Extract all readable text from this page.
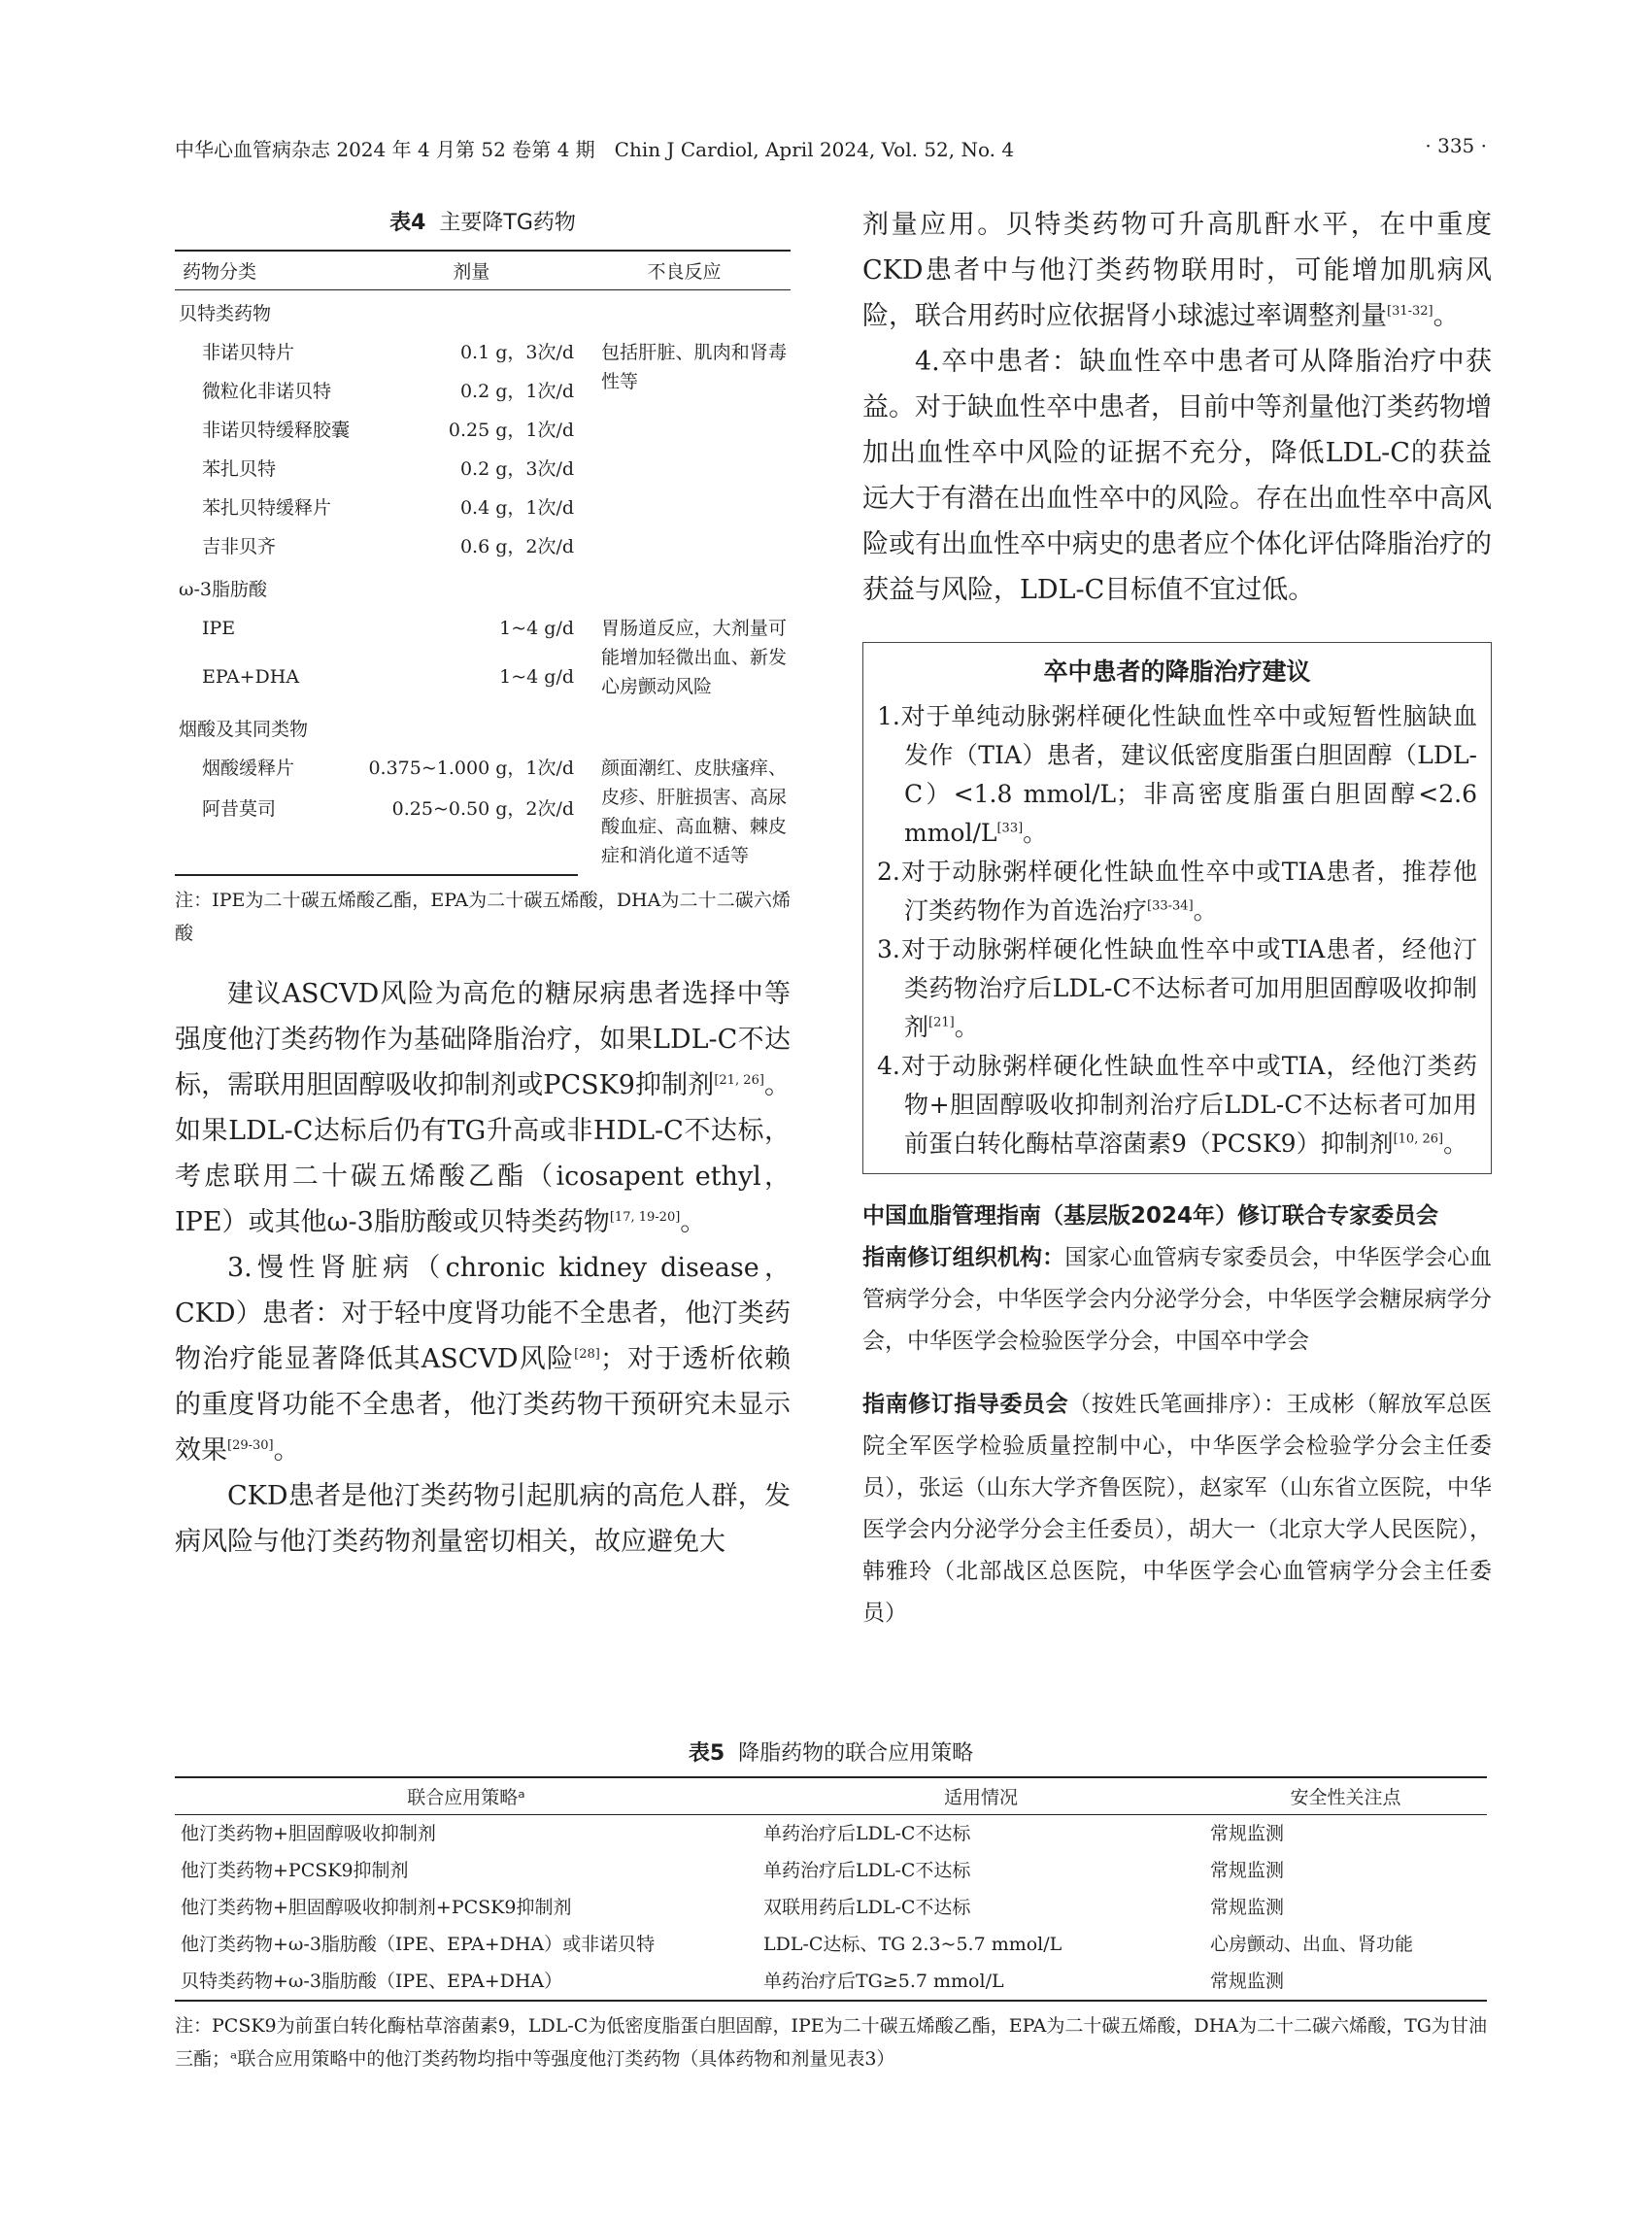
中华心血管病杂志 2024 年 4 月第 52 卷第 4 期　Chin J Cardiol, April 2024, Vol. 52, No. 4	· 335 ·
表4 主要降TG药物
药物分类	剂量	不良反应
贝特类药物		
非诺贝特片	0.1 g，3次/d	包括肝脏、肌肉和肾毒性等
微粒化非诺贝特	0.2 g，1次/d	
非诺贝特缓释胶囊	0.25 g，1次/d	
苯扎贝特	0.2 g，3次/d	
苯扎贝特缓释片	0.4 g，1次/d	
吉非贝齐	0.6 g，2次/d	
ω-3脂肪酸		
IPE	1~4 g/d	胃肠道反应，大剂量可能增加轻微出血、新发心房颤动风险
EPA+DHA	1~4 g/d	
烟酸及其同类物		
烟酸缓释片	0.375~1.000 g，1次/d	颜面潮红、皮肤瘙痒、皮疹、肝脏损害、高尿酸血症、高血糖、棘皮症和消化道不适等
阿昔莫司	0.25~0.50 g，2次/d	
注：IPE为二十碳五烯酸乙酯，EPA为二十碳五烯酸，DHA为二十二碳六烯酸

建议ASCVD风险为高危的糖尿病患者选择中等强度他汀类药物作为基础降脂治疗，如果LDL-C不达标，需联用胆固醇吸收抑制剂或PCSK9抑制剂[21, 26]。如果LDL-C达标后仍有TG升高或非HDL-C不达标，考虑联用二十碳五烯酸乙酯（icosapent ethyl，IPE）或其他ω-3脂肪酸或贝特类药物[17, 19-20]。

3.慢性肾脏病（chronic kidney disease，CKD）患者：对于轻中度肾功能不全患者，他汀类药物治疗能显著降低其ASCVD风险[28]；对于透析依赖的重度肾功能不全患者，他汀类药物干预研究未显示效果[29-30]。

CKD患者是他汀类药物引起肌病的高危人群，发病风险与他汀类药物剂量密切相关，故应避免大

剂量应用。贝特类药物可升高肌酐水平，在中重度CKD患者中与他汀类药物联用时，可能增加肌病风险，联合用药时应依据肾小球滤过率调整剂量[31-32]。

4.卒中患者：缺血性卒中患者可从降脂治疗中获益。对于缺血性卒中患者，目前中等剂量他汀类药物增加出血性卒中风险的证据不充分，降低LDL-C的获益远大于有潜在出血性卒中的风险。存在出血性卒中高风险或有出血性卒中病史的患者应个体化评估降脂治疗的获益与风险，LDL-C目标值不宜过低。

卒中患者的降脂治疗建议
1.对于单纯动脉粥样硬化性缺血性卒中或短暂性脑缺血发作（TIA）患者，建议低密度脂蛋白胆固醇（LDL-C）<1.8 mmol/L；非高密度脂蛋白胆固醇<2.6 mmol/L[33]。
2.对于动脉粥样硬化性缺血性卒中或TIA患者，推荐他汀类药物作为首选治疗[33-34]。
3.对于动脉粥样硬化性缺血性卒中或TIA患者，经他汀类药物治疗后LDL-C不达标者可加用胆固醇吸收抑制剂[21]。
4.对于动脉粥样硬化性缺血性卒中或TIA，经他汀类药物+胆固醇吸收抑制剂治疗后LDL-C不达标者可加用前蛋白转化酶枯草溶菌素9（PCSK9）抑制剂[10, 26]。

中国血脂管理指南（基层版2024年）修订联合专家委员会

指南修订组织机构：国家心血管病专家委员会，中华医学会心血管病学分会，中华医学会内分泌学分会，中华医学会糖尿病学分会，中华医学会检验医学分会，中国卒中学会

指南修订指导委员会（按姓氏笔画排序）：王成彬（解放军总医院全军医学检验质量控制中心，中华医学会检验学分会主任委员），张运（山东大学齐鲁医院），赵家军（山东省立医院，中华医学会内分泌学分会主任委员），胡大一（北京大学人民医院），韩雅玲（北部战区总医院，中华医学会心血管病学分会主任委员）

表5 降脂药物的联合应用策略
联合应用策略ᵃ	适用情况	安全性关注点
他汀类药物+胆固醇吸收抑制剂	单药治疗后LDL-C不达标	常规监测
他汀类药物+PCSK9抑制剂	单药治疗后LDL-C不达标	常规监测
他汀类药物+胆固醇吸收抑制剂+PCSK9抑制剂	双联用药后LDL-C不达标	常规监测
他汀类药物+ω-3脂肪酸（IPE、EPA+DHA）或非诺贝特	LDL-C达标、TG 2.3~5.7 mmol/L	心房颤动、出血、肾功能
贝特类药物+ω-3脂肪酸（IPE、EPA+DHA）	单药治疗后TG≥5.7 mmol/L	常规监测
注：PCSK9为前蛋白转化酶枯草溶菌素9，LDL-C为低密度脂蛋白胆固醇，IPE为二十碳五烯酸乙酯，EPA为二十碳五烯酸，DHA为二十二碳六烯酸，TG为甘油三酯；ᵃ联合应用策略中的他汀类药物均指中等强度他汀类药物（具体药物和剂量见表3）
